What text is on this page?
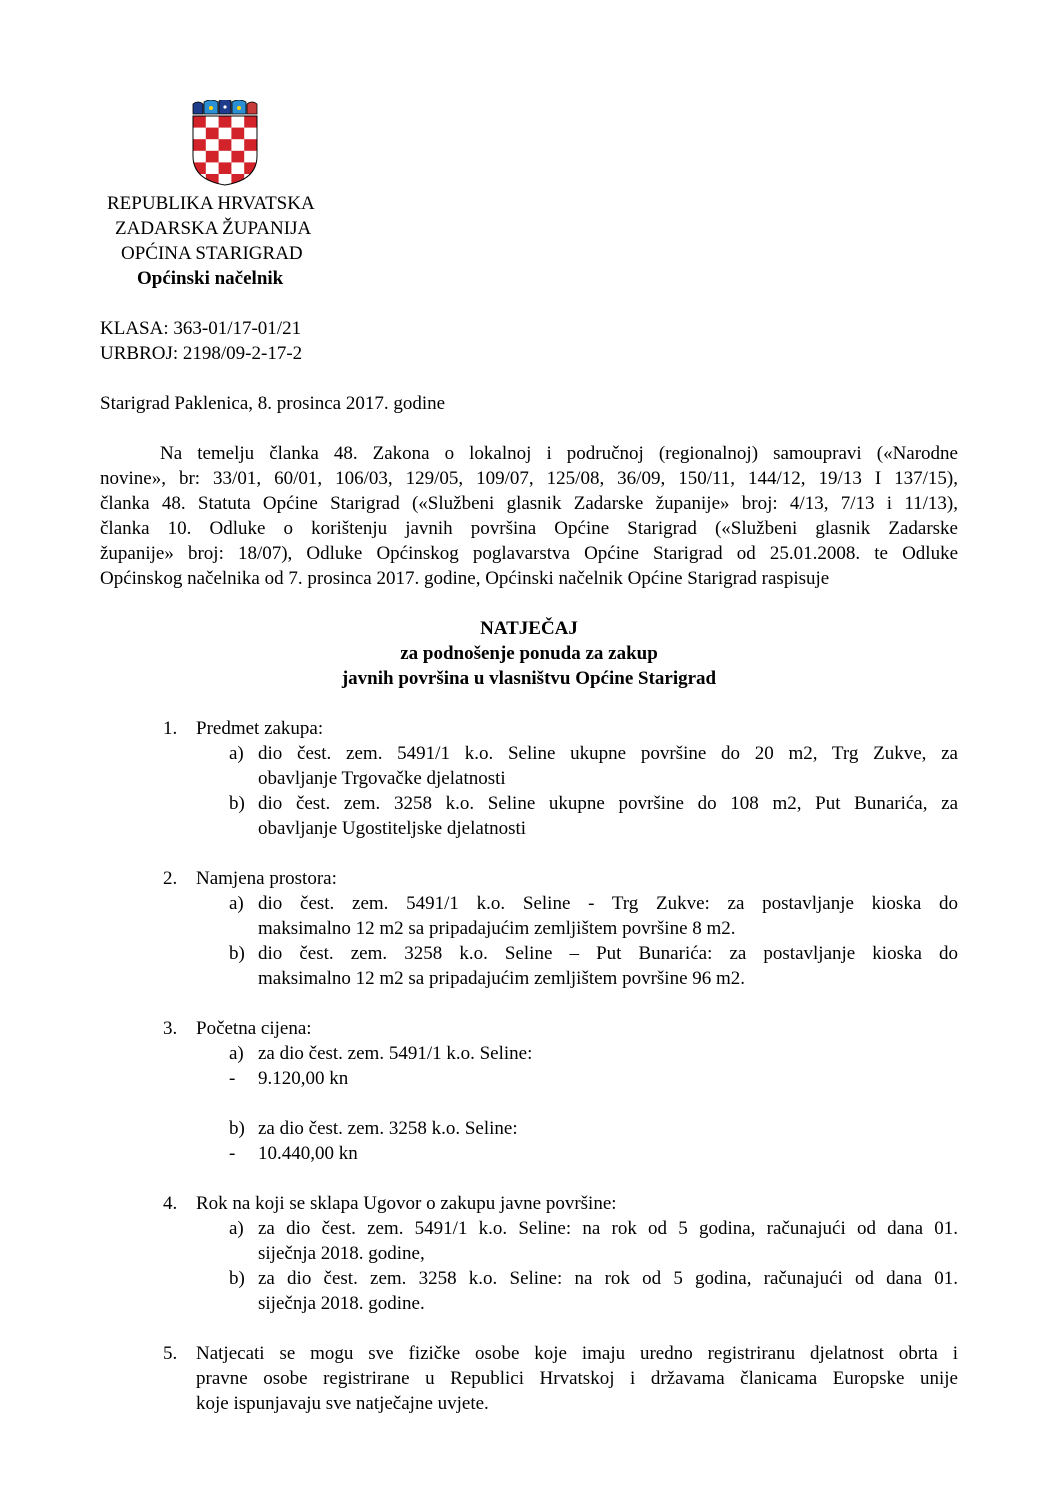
REPUBLIKA HRVATSKA
ZADARSKA ŽUPANIJA
OPĆINA STARIGRAD
Općinski načelnik
KLASA: 363-01/17-01/21
URBROJ: 2198/09-2-17-2
Starigrad Paklenica, 8. prosinca 2017. godine
Na temelju članka 48. Zakona o lokalnoj i područnoj (regionalnoj) samoupravi («Narodne
novine», br: 33/01, 60/01, 106/03, 129/05, 109/07, 125/08, 36/09, 150/11, 144/12, 19/13 I 137/15),
članka 48. Statuta Općine Starigrad («Službeni glasnik Zadarske županije» broj: 4/13, 7/13 i 11/13),
članka 10. Odluke o korištenju javnih površina Općine Starigrad («Službeni glasnik Zadarske
županije» broj: 18/07), Odluke Općinskog poglavarstva Općine Starigrad od 25.01.2008. te Odluke
Općinskog načelnika od 7. prosinca 2017. godine, Općinski načelnik Općine Starigrad raspisuje
NATJEČAJ
za podnošenje ponuda za zakup
javnih površina u vlasništvu Općine Starigrad
1. Predmet zakupa:
a) dio čest. zem. 5491/1 k.o. Seline ukupne površine do 20 m2, Trg Zukve, za
obavljanje Trgovačke djelatnosti
b) dio čest. zem. 3258 k.o. Seline ukupne površine do 108 m2, Put Bunarića, za
obavljanje Ugostiteljske djelatnosti
2. Namjena prostora:
a) dio čest. zem. 5491/1 k.o. Seline - Trg Zukve: za postavljanje kioska do
maksimalno 12 m2 sa pripadajućim zemljištem površine 8 m2.
b) dio čest. zem. 3258 k.o. Seline – Put Bunarića: za postavljanje kioska do
maksimalno 12 m2 sa pripadajućim zemljištem površine 96 m2.
3. Početna cijena:
a) za dio čest. zem. 5491/1 k.o. Seline:
- 9.120,00 kn
b) za dio čest. zem. 3258 k.o. Seline:
- 10.440,00 kn
4. Rok na koji se sklapa Ugovor o zakupu javne površine:
a) za dio čest. zem. 5491/1 k.o. Seline: na rok od 5 godina, računajući od dana 01.
siječnja 2018. godine,
b) za dio čest. zem. 3258 k.o. Seline: na rok od 5 godina, računajući od dana 01.
siječnja 2018. godine.
5. Natjecati se mogu sve fizičke osobe koje imaju uredno registriranu djelatnost obrta i
pravne osobe registrirane u Republici Hrvatskoj i državama članicama Europske unije
koje ispunjavaju sve natječajne uvjete.
